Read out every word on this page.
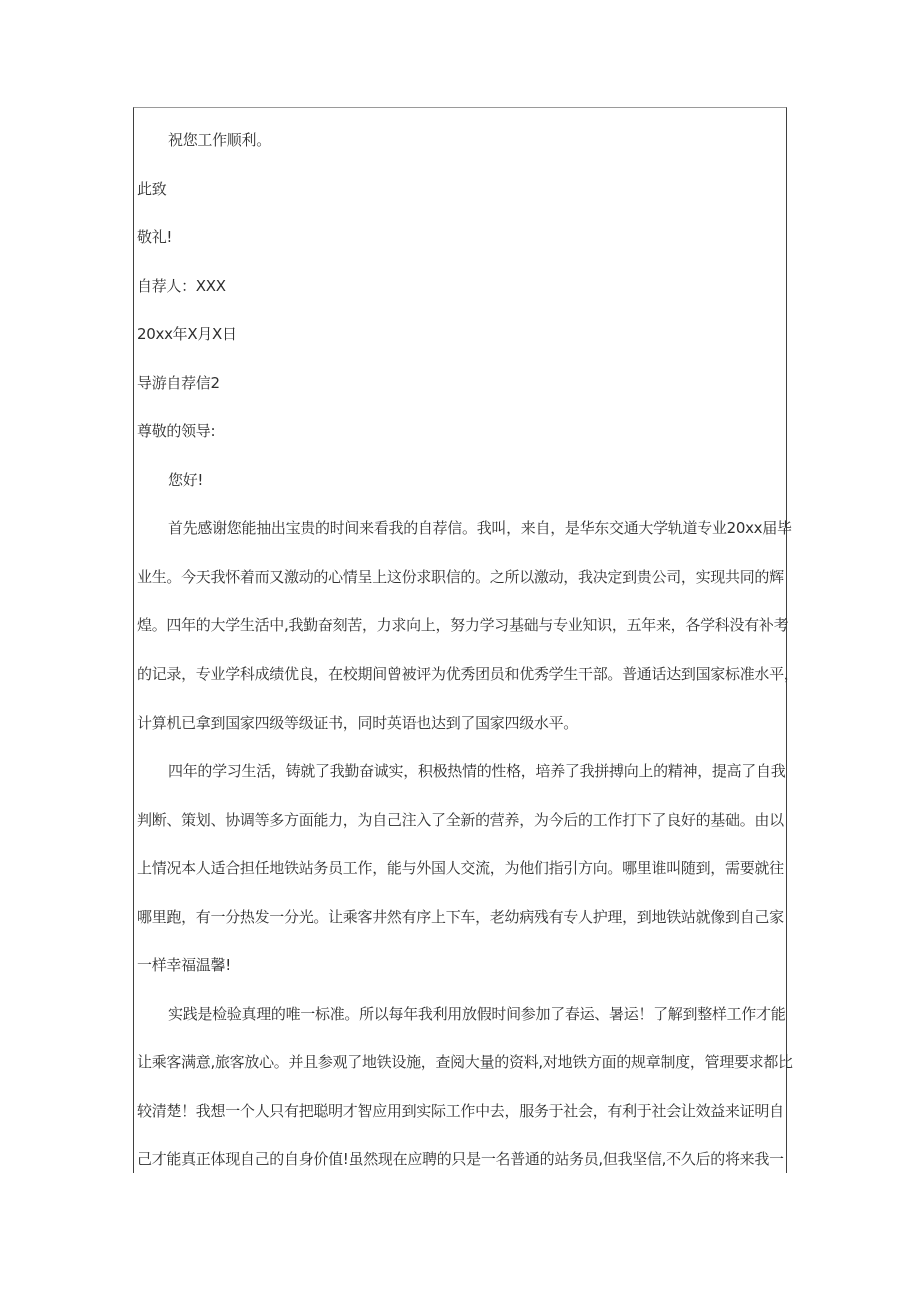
祝您工作顺利。
此致
敬礼!
自荐人：XXX
20xx年X月X日
导游自荐信2
尊敬的领导:
您好!
首先感谢您能抽出宝贵的时间来看我的自荐信。我叫，来自，是华东交通大学轨道专业20xx届毕
业生。今天我怀着而又激动的心情呈上这份求职信的。之所以激动，我决定到贵公司，实现共同的辉
煌。四年的大学生活中,我勤奋刻苦，力求向上，努力学习基础与专业知识，五年来，各学科没有补考
的记录，专业学科成绩优良，在校期间曾被评为优秀团员和优秀学生干部。普通话达到国家标准水平，
计算机已拿到国家四级等级证书，同时英语也达到了国家四级水平。
四年的学习生活，铸就了我勤奋诚实，积极热情的性格，培养了我拼搏向上的精神，提高了自我
判断、策划、协调等多方面能力，为自己注入了全新的营养，为今后的工作打下了良好的基础。由以
上情况本人适合担任地铁站务员工作，能与外国人交流，为他们指引方向。哪里谁叫随到，需要就往
哪里跑，有一分热发一分光。让乘客井然有序上下车，老幼病残有专人护理，到地铁站就像到自己家
一样幸福温馨!
实践是检验真理的唯一标准。所以每年我利用放假时间参加了春运、暑运！了解到整样工作才能
让乘客满意,旅客放心。并且参观了地铁设施，查阅大量的资料,对地铁方面的规章制度，管理要求都比
较清楚！我想一个人只有把聪明才智应用到实际工作中去，服务于社会，有利于社会让效益来证明自
己才能真正体现自己的自身价值!虽然现在应聘的只是一名普通的站务员,但我坚信,不久后的将来我一
